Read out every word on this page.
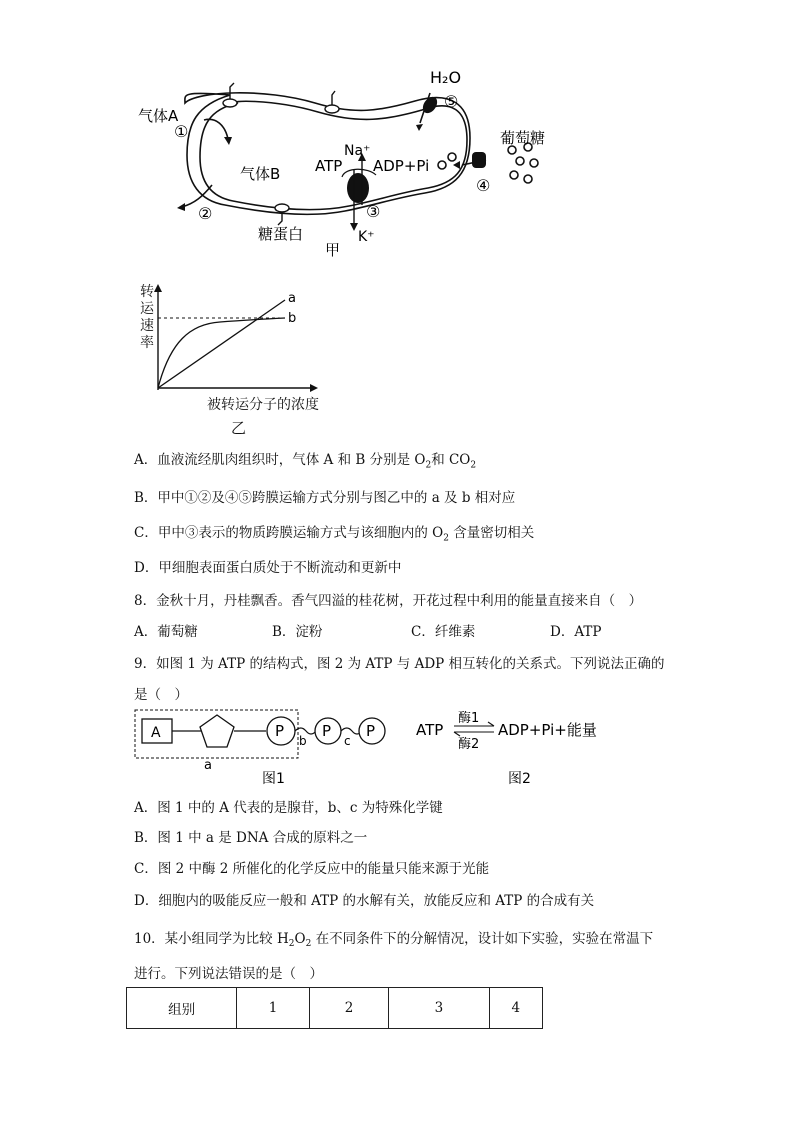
H₂O
⑤
气体A
①
气体B
②
Na⁺
ATP ADP+Pi
③
K⁺
葡萄糖
④
糖蛋白
甲
a
b
转运速率
被转运分子的浓度
乙
A．血液流经肌肉组织时，气体 A 和 B 分别是 $O_2$和 $CO_2$
B．甲中①②及④⑤跨膜运输方式分别与图乙中的 a 及 b 相对应
C．甲中③表示的物质跨膜运输方式与该细胞内的 $O_2$ 含量密切相关
D．甲细胞表面蛋白质处于不断流动和更新中
8．金秋十月，丹桂飘香。香气四溢的桂花树，开花过程中利用的能量直接来自（　）
A．葡萄糖	B．淀粉	C．纤维素	D．ATP
9．如图 1 为 ATP 的结构式，图 2 为 ATP 与 ADP 相互转化的关系式。下列说法正确的
是（　）
A	P	P P
b	c
a
图1
ATP
酶1
酶2
ADP+Pi+能量
图2
A．图 1 中的 A 代表的是腺苷，b、c 为特殊化学键
B．图 1 中 a 是 DNA 合成的原料之一
C．图 2 中酶 2 所催化的化学反应中的能量只能来源于光能
D．细胞内的吸能反应一般和 ATP 的水解有关，放能反应和 ATP 的合成有关
10．某小组同学为比较 $H_2O_2$ 在不同条件下的分解情况，设计如下实验，实验在常温下
进行。下列说法错误的是（　）
组别	1	2	3	4
